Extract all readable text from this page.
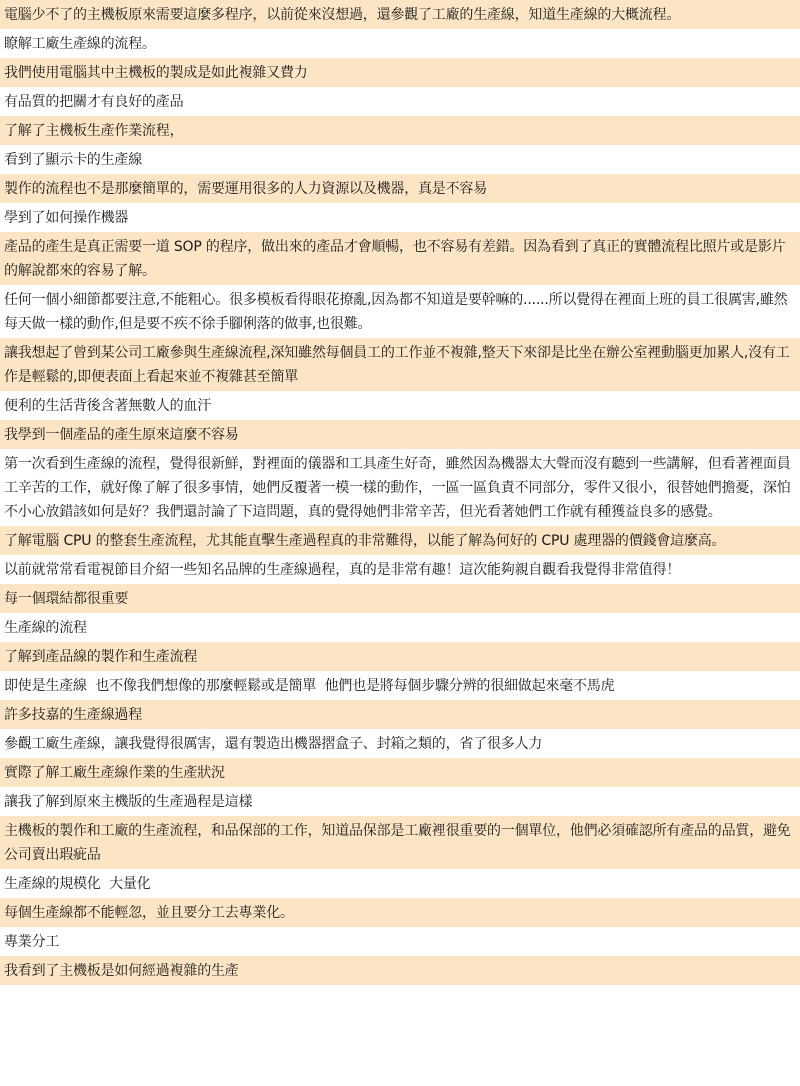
電腦少不了的主機板原來需要這麼多程序，以前從來沒想過，還參觀了工廠的生產線，知道生產線的大概流程。
瞭解工廠生產線的流程。
我們使用電腦其中主機板的製成是如此複雜又費力
有品質的把關才有良好的產品
了解了主機板生產作業流程，
看到了顯示卡的生產線
製作的流程也不是那麼簡單的，需要運用很多的人力資源以及機器，真是不容易
學到了如何操作機器
產品的產生是真正需要一道 SOP 的程序，做出來的產品才會順暢，也不容易有差錯。因為看到了真正的實體流程比照片或是影片的解說都來的容易了解。
任何一個小細節都要注意,不能粗心。很多模板看得眼花撩亂,因為都不知道是要幹嘛的......所以覺得在裡面上班的員工很厲害,雖然每天做一樣的動作,但是要不疾不徐手腳俐落的做事,也很難。
讓我想起了曾到某公司工廠參與生產線流程,深知雖然每個員工的工作並不複雜,整天下來卻是比坐在辦公室裡動腦更加累人,沒有工作是輕鬆的,即便表面上看起來並不複雜甚至簡單
便利的生活背後含著無數人的血汗
我學到一個產品的產生原來這麼不容易
第一次看到生產線的流程，覺得很新鮮，對裡面的儀器和工具產生好奇，雖然因為機器太大聲而沒有聽到一些講解，但看著裡面員工辛苦的工作，就好像了解了很多事情，她們反覆著一模一樣的動作，一區一區負責不同部分，零件又很小，很替她們擔憂，深怕不小心放錯該如何是好？我們還討論了下這問題，真的覺得她們非常辛苦，但光看著她們工作就有種獲益良多的感覺。
了解電腦 CPU 的整套生產流程，尤其能直擊生產過程真的非常難得，以能了解為何好的 CPU 處理器的價錢會這麼高。
以前就常常看電視節目介紹一些知名品牌的生產線過程，真的是非常有趣！這次能夠親自觀看我覺得非常值得！
每一個環結都很重要
生產線的流程
了解到產品線的製作和生產流程
即使是生產線  也不像我們想像的那麼輕鬆或是簡單  他們也是將每個步驟分辨的很細做起來毫不馬虎
許多技嘉的生產線過程
參觀工廠生產線，讓我覺得很厲害，還有製造出機器摺盒子、封箱之類的，省了很多人力
實際了解工廠生產線作業的生產狀況
讓我了解到原來主機版的生產過程是這樣
主機板的製作和工廠的生產流程，和品保部的工作，知道品保部是工廠裡很重要的一個單位，他們必須確認所有產品的品質，避免公司賣出瑕疵品
生產線的規模化  大量化
每個生產線都不能輕忽，並且要分工去專業化。
專業分工
我看到了主機板是如何經過複雜的生產
